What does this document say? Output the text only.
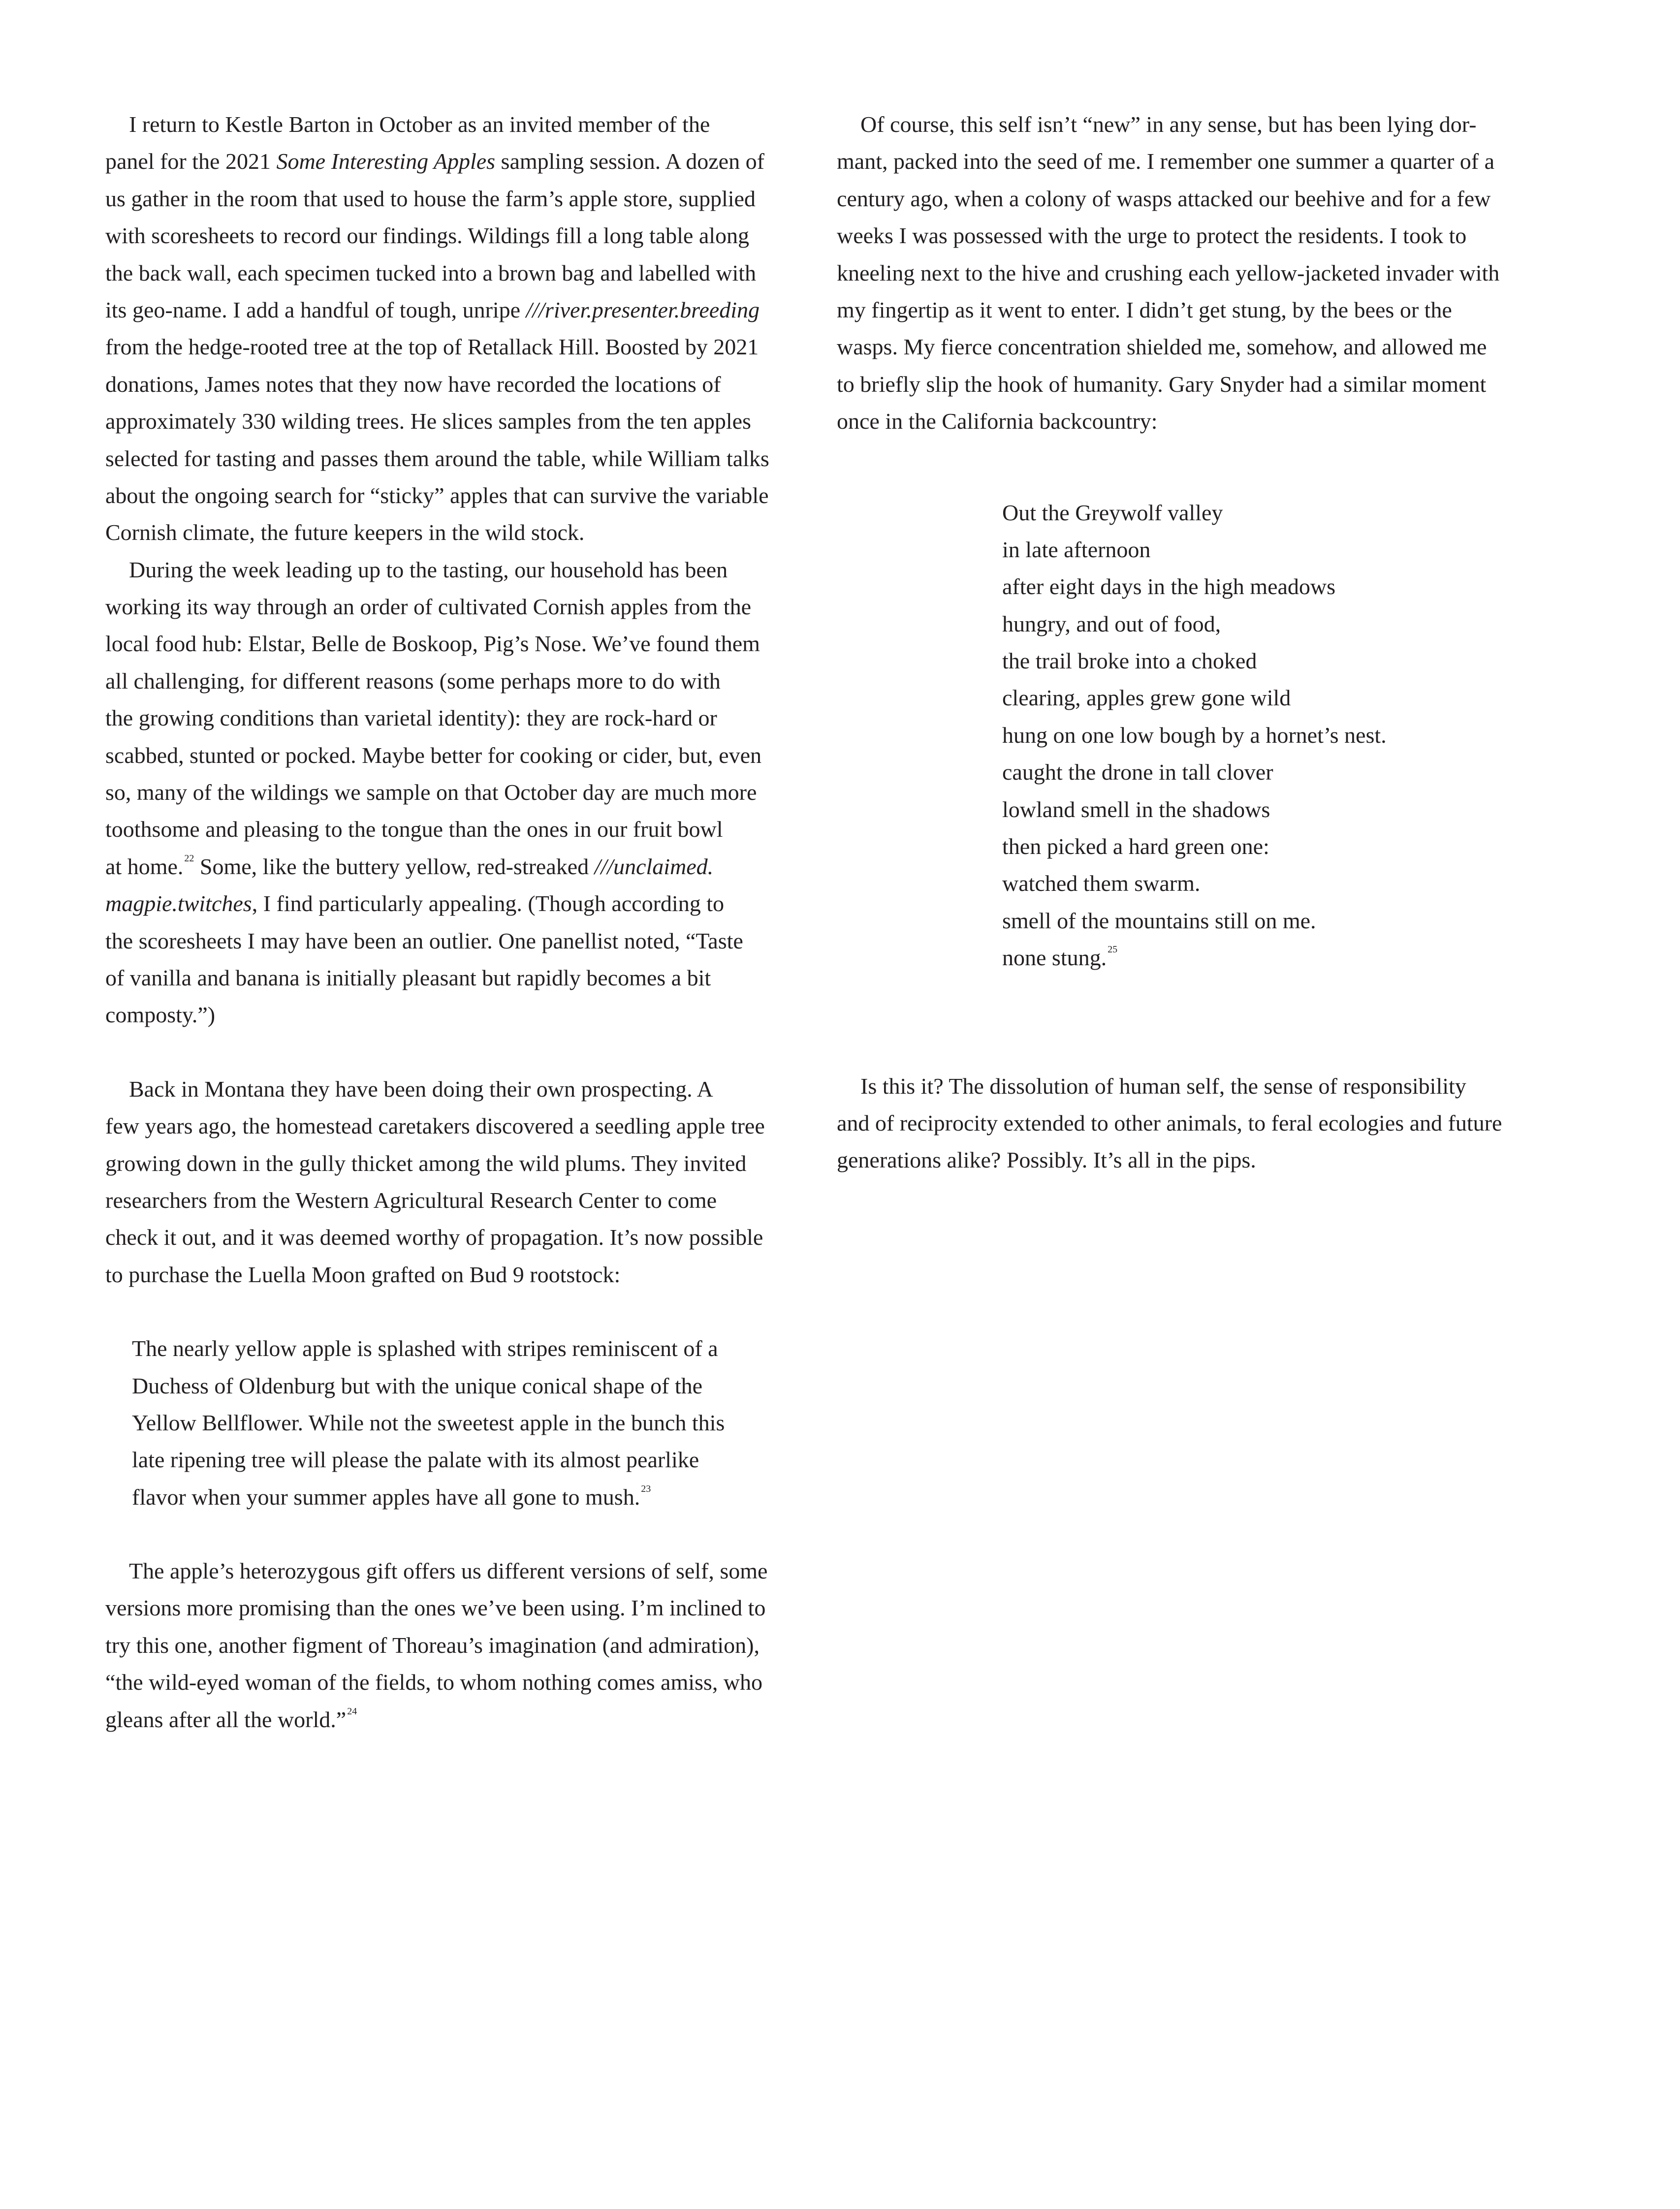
I return to Kestle Barton in October as an invited member of the
panel for the 2021 Some Interesting Apples sampling session. A dozen of
us gather in the room that used to house the farm’s apple store, supplied
with scoresheets to record our findings. Wildings fill a long table along
the back wall, each specimen tucked into a brown bag and labelled with
its geo-name. I add a handful of tough, unripe ///river.presenter.breeding
from the hedge-rooted tree at the top of Retallack Hill. Boosted by 2021
donations, James notes that they now have recorded the locations of
approximately 330 wilding trees. He slices samples from the ten apples
selected for tasting and passes them around the table, while William talks
about the ongoing search for “sticky” apples that can survive the variable
Cornish climate, the future keepers in the wild stock.
During the week leading up to the tasting, our household has been
working its way through an order of cultivated Cornish apples from the
local food hub: Elstar, Belle de Boskoop, Pig’s Nose. We’ve found them
all challenging, for different reasons (some perhaps more to do with
the growing conditions than varietal identity): they are rock-hard or
scabbed, stunted or pocked. Maybe better for cooking or cider, but, even
so, many of the wildings we sample on that October day are much more
toothsome and pleasing to the tongue than the ones in our fruit bowl
at home. $^{22}$ Some, like the buttery yellow, red-streaked ///unclaimed.
magpie.twitches, I find particularly appealing. (Though according to
the scoresheets I may have been an outlier. One panellist noted, “Taste
of vanilla and banana is initially pleasant but rapidly becomes a bit
composty.”)
Back in Montana they have been doing their own prospecting. A
few years ago, the homestead caretakers discovered a seedling apple tree
growing down in the gully thicket among the wild plums. They invited
researchers from the Western Agricultural Research Center to come
check it out, and it was deemed worthy of propagation. It’s now possible
to purchase the Luella Moon grafted on Bud 9 rootstock:
The nearly yellow apple is splashed with stripes reminiscent of a
Duchess of Oldenburg but with the unique conical shape of the
Yellow Bellflower. While not the sweetest apple in the bunch this
late ripening tree will please the palate with its almost pearlike
flavor when your summer apples have all gone to mush. $^{23}$
The apple’s heterozygous gift offers us different versions of self, some
versions more promising than the ones we’ve been using. I’m inclined to
try this one, another figment of Thoreau’s imagination (and admiration),
“the wild-eyed woman of the fields, to whom nothing comes amiss, who
gleans after all the world.” $^{24}$
Of course, this self isn’t “new” in any sense, but has been lying dor-
mant, packed into the seed of me. I remember one summer a quarter of a
century ago, when a colony of wasps attacked our beehive and for a few
weeks I was possessed with the urge to protect the residents. I took to
kneeling next to the hive and crushing each yellow-jacketed invader with
my fingertip as it went to enter. I didn’t get stung, by the bees or the
wasps. My fierce concentration shielded me, somehow, and allowed me
to briefly slip the hook of humanity. Gary Snyder had a similar moment
once in the California backcountry:
Out the Greywolf valley
in late afternoon
after eight days in the high meadows
hungry, and out of food,
the trail broke into a choked
clearing, apples grew gone wild
hung on one low bough by a hornet’s nest.
caught the drone in tall clover
lowland smell in the shadows
then picked a hard green one:
watched them swarm.
smell of the mountains still on me.
none stung. $^{25}$
Is this it? The dissolution of human self, the sense of responsibility
and of reciprocity extended to other animals, to feral ecologies and future
generations alike? Possibly. It’s all in the pips.
